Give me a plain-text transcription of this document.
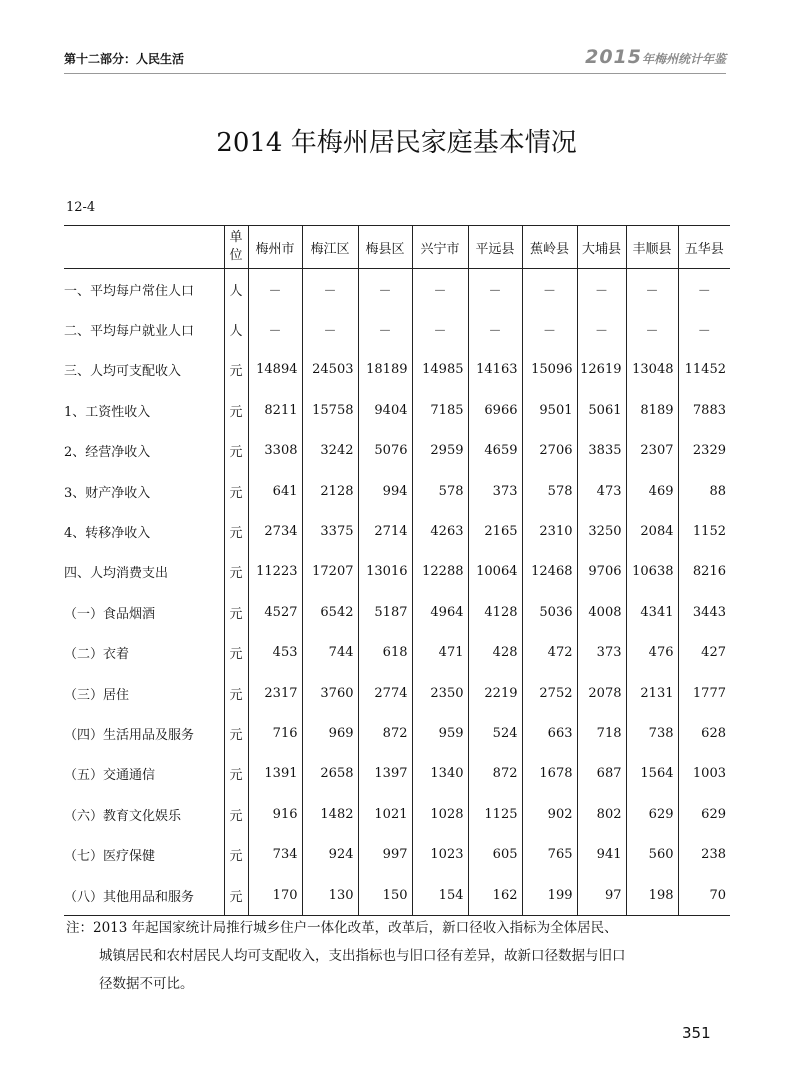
第十二部分：人民生活	2015年梅州统计年鉴
2014 年梅州居民家庭基本情况
12-4
	单位	梅州市	梅江区	梅县区	兴宁市	平远县	蕉岭县	大埔县	丰顺县	五华县
一、平均每户常住人口	人	－	－	－	－	－	－	－	－	－
二、平均每户就业人口	人	－	－	－	－	－	－	－	－	－
三、人均可支配收入	元	14894	24503	18189	14985	14163	15096	12619	13048	11452
1、工资性收入	元	8211	15758	9404	7185	6966	9501	5061	8189	7883
2、经营净收入	元	3308	3242	5076	2959	4659	2706	3835	2307	2329
3、财产净收入	元	641	2128	994	578	373	578	473	469	88
4、转移净收入	元	2734	3375	2714	4263	2165	2310	3250	2084	1152
四、人均消费支出	元	11223	17207	13016	12288	10064	12468	9706	10638	8216
（一）食品烟酒	元	4527	6542	5187	4964	4128	5036	4008	4341	3443
（二）衣着	元	453	744	618	471	428	472	373	476	427
（三）居住	元	2317	3760	2774	2350	2219	2752	2078	2131	1777
（四）生活用品及服务	元	716	969	872	959	524	663	718	738	628
（五）交通通信	元	1391	2658	1397	1340	872	1678	687	1564	1003
（六）教育文化娱乐	元	916	1482	1021	1028	1125	902	802	629	629
（七）医疗保健	元	734	924	997	1023	605	765	941	560	238
（八）其他用品和服务	元	170	130	150	154	162	199	97	198	70
注：2013 年起国家统计局推行城乡住户一体化改革，改革后，新口径收入指标为全体居民、
城镇居民和农村居民人均可支配收入，支出指标也与旧口径有差异，故新口径数据与旧口
径数据不可比。
351
